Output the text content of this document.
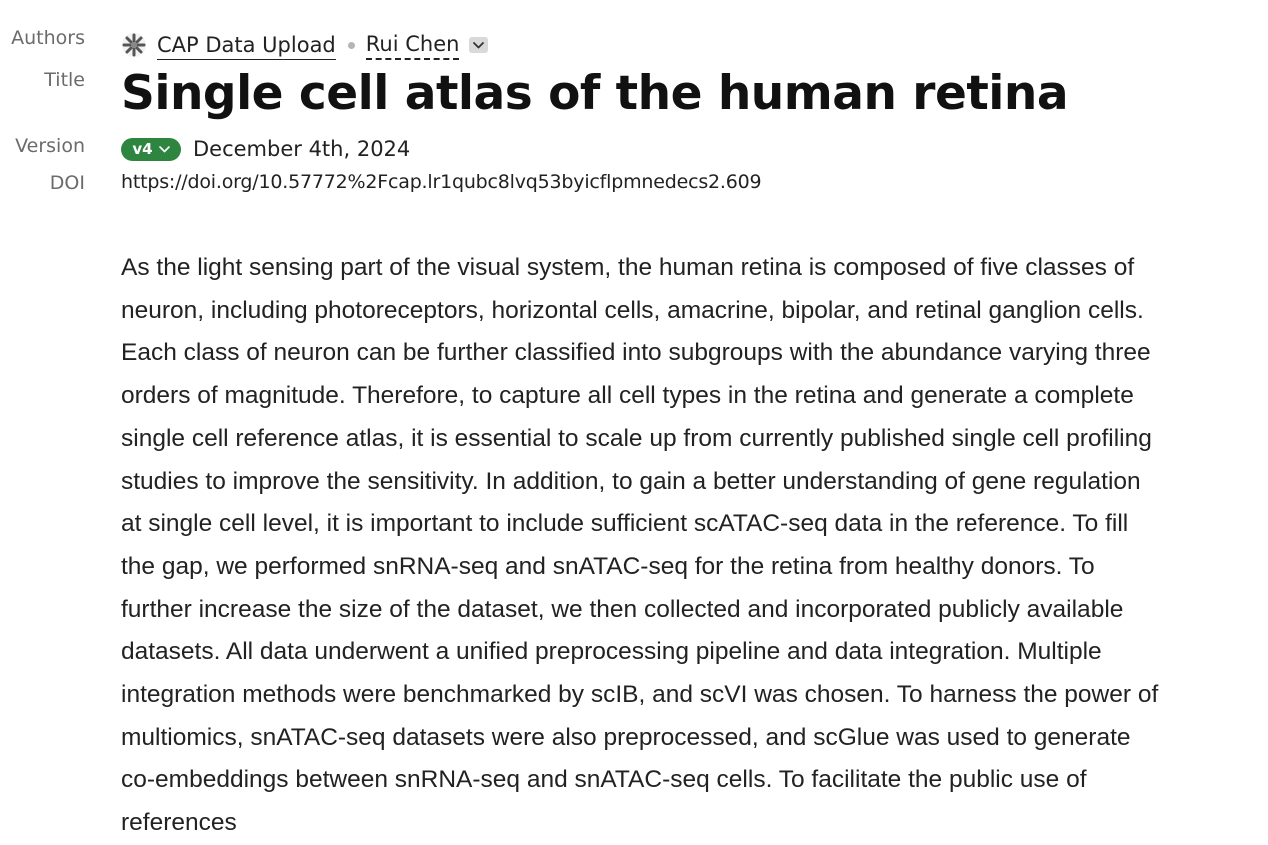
Authors
Title
Version
DOI
CAP Data Upload Rui Chen
Single cell atlas of the human retina
v4 December 4th, 2024
https://doi.org/10.57772%2Fcap.lr1qubc8lvq53byicflpmnedecs2.609

As the light sensing part of the visual system, the human retina is composed of five classes of neuron, including photoreceptors, horizontal cells, amacrine, bipolar, and retinal ganglion cells. Each class of neuron can be further classified into subgroups with the abundance varying three orders of magnitude. Therefore, to capture all cell types in the retina and generate a complete single cell reference atlas, it is essential to scale up from currently published single cell profiling studies to improve the sensitivity. In addition, to gain a better understanding of gene regulation at single cell level, it is important to include sufficient scATAC-seq data in the reference. To fill the gap, we performed snRNA-seq and snATAC-seq for the retina from healthy donors. To further increase the size of the dataset, we then collected and incorporated publicly available datasets. All data underwent a unified preprocessing pipeline and data integration. Multiple integration methods were benchmarked by scIB, and scVI was chosen. To harness the power of multiomics, snATAC-seq datasets were also preprocessed, and scGlue was used to generate co-embeddings between snRNA-seq and snATAC-seq cells. To facilitate the public use of references
